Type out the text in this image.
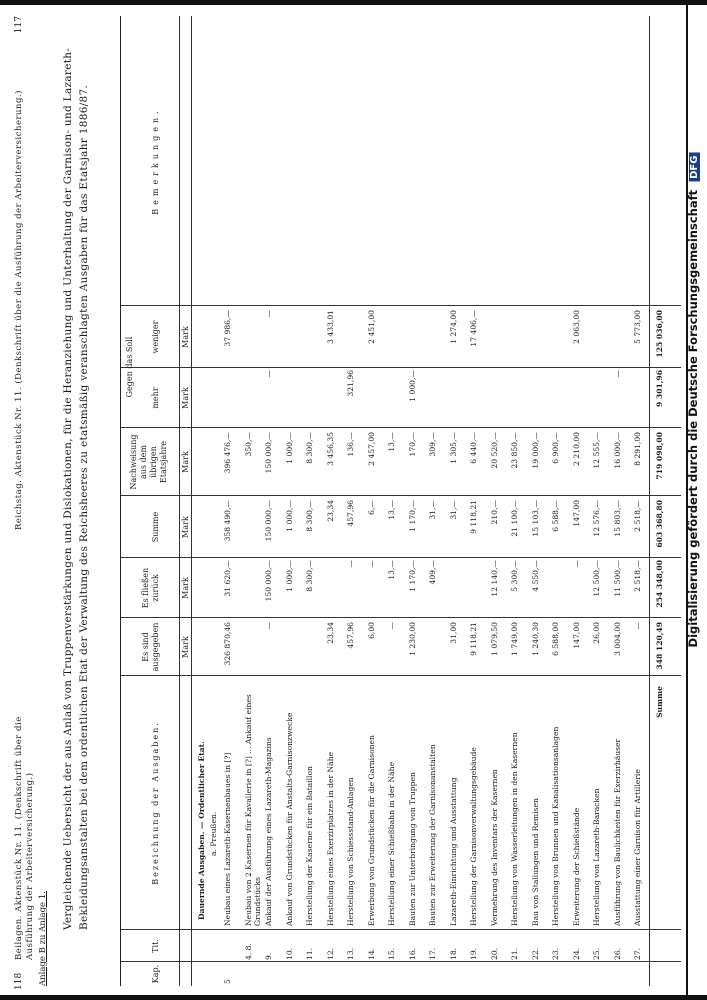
118
Beilagen. Aktenstück Nr. 11. (Denkschrift über die Ausführung der Arbeiterversicherung.)
Reichstag. Aktenstück Nr. 11. (Denkschrift über die Ausführung der Arbeiterversicherung.)
117
Anlage B zu Anlage 1.
Vergleichende Uebersicht der aus Anlaß von Truppenverstärkungen und Dislokationen, für die Heranziehung und Unterhaltung der Garnison- und Lazareth-Bekleidungsanstalten bei dem ordentlichen Etat der Verwaltung des Reichsheeres zu etatsmäßig veranschlagten Ausgaben für das Etatsjahr 1886/87.
Kap.
Tit.
Bezeichnung der Ausgaben.
Es sind ausgegeben
Es fließen zurück
Summe
Nachweisung aus dem übrigen Etatsjahre
Gegen das Soll
mehr
weniger
Bemerkungen.
Mark
Mark
Mark
Mark
Mark
Mark
Dauernde Ausgaben. — Ordentlicher Etat. a. Preußen.
5
Neubau eines Lazareth-Kasernenbaues in [?]
326 870,46
31 620,—
358 490,—
396 476,—
37 986,—
4. 8.
Neubau von 2 Kasernen für Kavallerie in [?] ... Ankauf eines Grundstücks
350,—
9.
Ankauf der Ausführung eines Lazareth-Magazins
—
150 000,—
150 000,—
150 000,—
—
—
10.
Ankauf von Grundstücken für Anstalts-Garnisonzwecke
1 000,—
1 000,—
1 000,—
11.
Herstellung der Kaserne für ein Bataillon
8 300,—
8 300,—
8 300,—
12.
Herstellung eines Exerzirplatzes in der Nähe
23,34
23,34
3 456,35
3 433,01
13.
Herstellung von Schiessstand-Anlagen
457,96
—
457,96
136,—
321,96
14.
Erwerbung von Grundstücken für die Garnisonen
6,00
—
6,—
2 457,00
2 451,00
15.
Herstellung einer Schießbahn in der Nähe
—
13,—
13,—
13,—
16.
Bauten zur Unterbringung von Truppen
1 230,00
1 170,—
1 170,—
170,—
1 000,—
17.
Bauten zur Erweiterung der Garnisonanstalten
409,—
31,—
309,—
18.
Lazareth-Einrichtung und Ausstattung
31,00
31,—
1 305,—
1 274,00
19.
Herstellung der Garnisonverwaltungsgebäude
9 118,21
9 118,21
6 440,—
17 406,—
20.
Vermehrung des Inventars der Kasernen
1 079,50
12 140,—
210,—
20 520,—
21.
Herstellung von Wasserleitungen in den Kasernen
1 749,00
5 300,—
21 100,—
23 850,—
22.
Bau von Stallungen und Remisen
1 240,30
4 550,—
15 103,—
19 000,—
23.
Herstellung von Brunnen und Kanalisationsanlagen
6 588,00
6 588,—
6 900,—
24.
Erweiterung der Schießstände
147,00
—
147,00
2 210,00
2 063,00
25.
Herstellung von Lazareth-Baracken
26,00
12 500,—
12 576,—
12 555,—
26.
Ausführung von Baulichkeiten für Exerzirhäuser
3 004,00
11 500,—
15 803,—
16 000,—
—
27.
Ausstattung einer Garnison für Artillerie
—
2 518,—
2 518,—
8 291,00
5 773,00
Summe
348 120,49
254 348,00
603 368,80
719 098,00
9 301,96
125 036,00 Digitalisierung gefördert durch die Deutsche Forschungsgemeinschaft DFG
